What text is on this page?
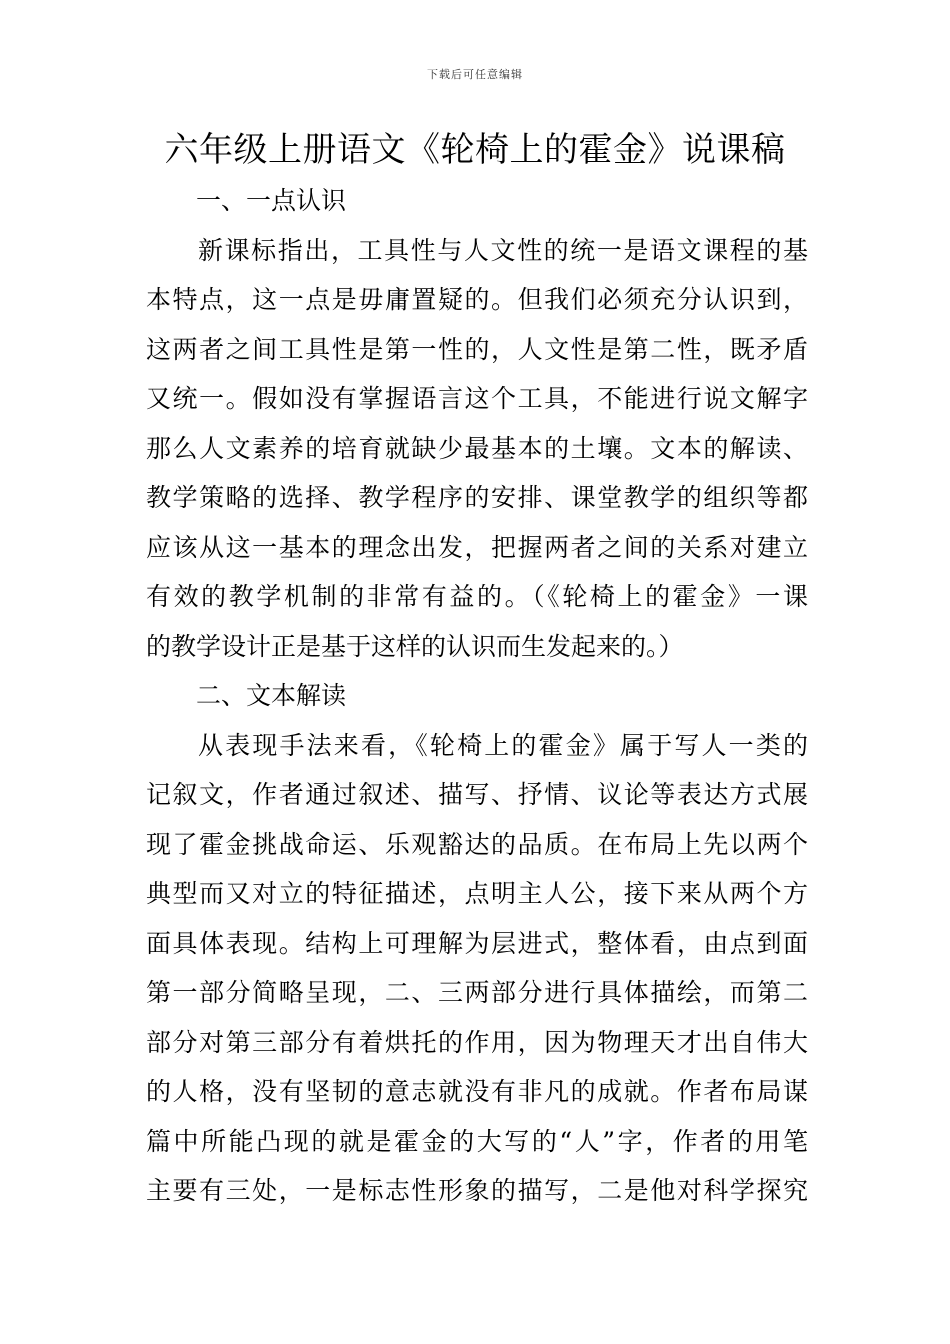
下载后可任意编辑
六年级上册语文《轮椅上的霍金》说课稿
一、一点认识
新课标指出，工具性与人文性的统一是语文课程的基
本特点，这一点是毋庸置疑的。但我们必须充分认识到，
这两者之间工具性是第一性的，人文性是第二性，既矛盾
又统一。假如没有掌握语言这个工具，不能进行说文解字
那么人文素养的培育就缺少最基本的土壤。文本的解读、
教学策略的选择、教学程序的安排、课堂教学的组织等都
应该从这一基本的理念出发，把握两者之间的关系对建立
有效的教学机制的非常有益的。（《轮椅上的霍金》一课
的教学设计正是基于这样的认识而生发起来的。）
二、文本解读
从表现手法来看，《轮椅上的霍金》属于写人一类的
记叙文，作者通过叙述、描写、抒情、议论等表达方式展
现了霍金挑战命运、乐观豁达的品质。在布局上先以两个
典型而又对立的特征描述，点明主人公，接下来从两个方
面具体表现。结构上可理解为层进式，整体看，由点到面
第一部分简略呈现，二、三两部分进行具体描绘，而第二
部分对第三部分有着烘托的作用，因为物理天才出自伟大
的人格，没有坚韧的意志就没有非凡的成就。作者布局谋
篇中所能凸现的就是霍金的大写的“人”字，作者的用笔
主要有三处，一是标志性形象的描写，二是他对科学探究
